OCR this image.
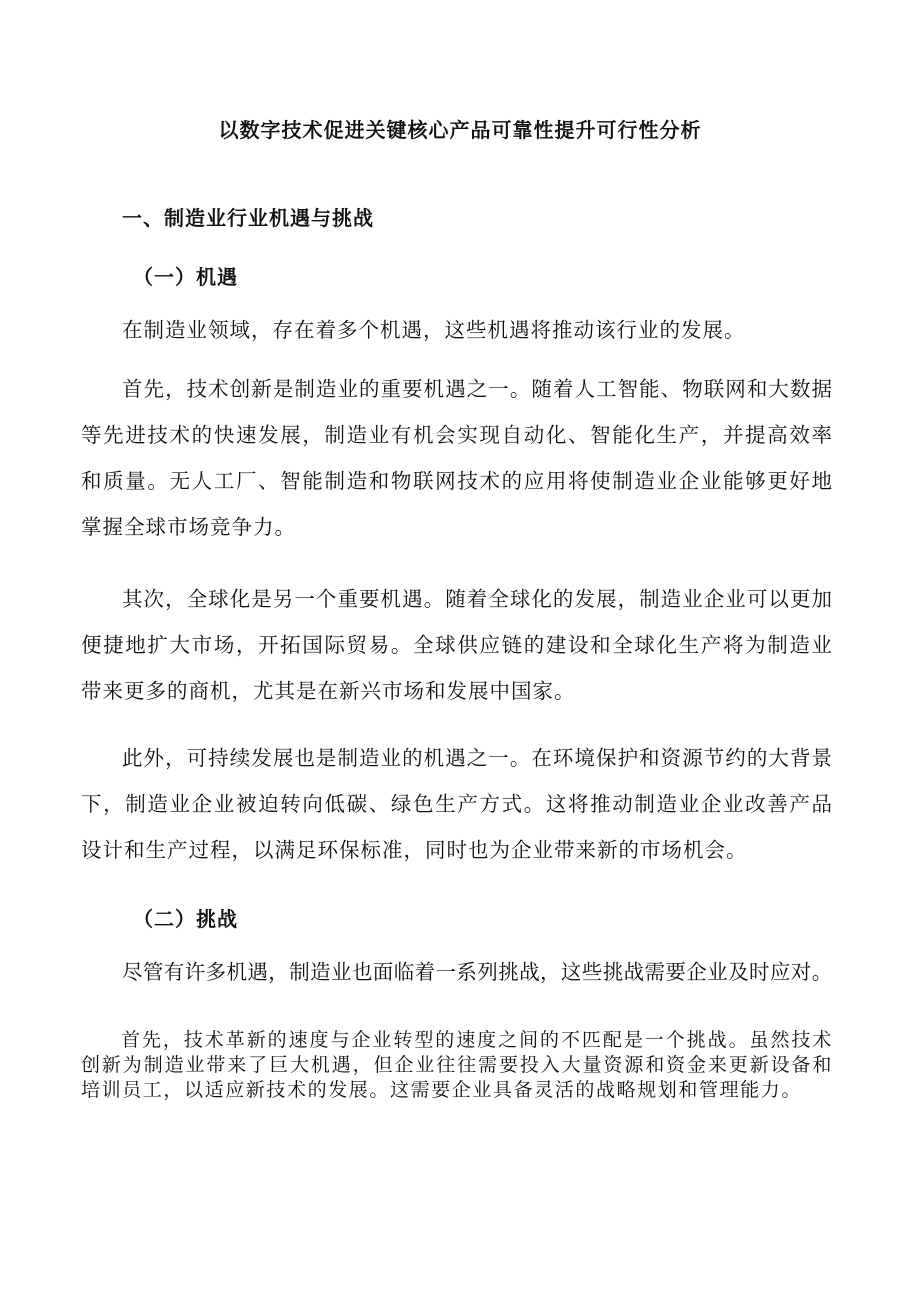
以数字技术促进关键核心产品可靠性提升可行性分析
一、制造业行业机遇与挑战
（一）机遇
在制造业领域，存在着多个机遇，这些机遇将推动该行业的发展。
首先，技术创新是制造业的重要机遇之一。随着人工智能、物联网和大数据等先进技术的快速发展，制造业有机会实现自动化、智能化生产，并提高效率和质量。无人工厂、智能制造和物联网技术的应用将使制造业企业能够更好地掌握全球市场竞争力。
其次，全球化是另一个重要机遇。随着全球化的发展，制造业企业可以更加便捷地扩大市场，开拓国际贸易。全球供应链的建设和全球化生产将为制造业带来更多的商机，尤其是在新兴市场和发展中国家。
此外，可持续发展也是制造业的机遇之一。在环境保护和资源节约的大背景下，制造业企业被迫转向低碳、绿色生产方式。这将推动制造业企业改善产品设计和生产过程，以满足环保标准，同时也为企业带来新的市场机会。
（二）挑战
尽管有许多机遇，制造业也面临着一系列挑战，这些挑战需要企业及时应对。
首先，技术革新的速度与企业转型的速度之间的不匹配是一个挑战。虽然技术创新为制造业带来了巨大机遇，但企业往往需要投入大量资源和资金来更新设备和培训员工，以适应新技术的发展。这需要企业具备灵活的战略规划和管理能力。
